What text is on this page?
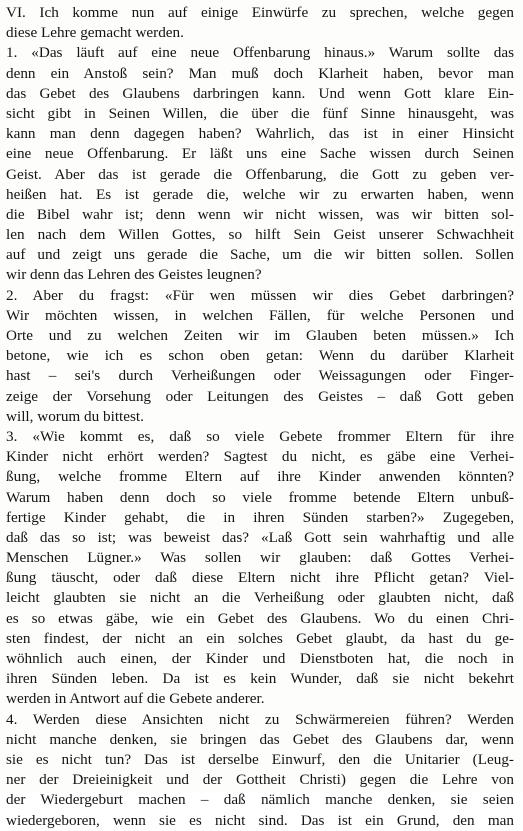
VI. Ich komme nun auf einige Einwürfe zu sprechen, welche gegen
diese Lehre gemacht werden.
1. «Das läuft auf eine neue Offenbarung hinaus.» Warum sollte das
denn ein Anstoß sein? Man muß doch Klarheit haben, bevor man
das Gebet des Glaubens darbringen kann. Und wenn Gott klare Ein-
sicht gibt in Seinen Willen, die über die fünf Sinne hinausgeht, was
kann man denn dagegen haben? Wahrlich, das ist in einer Hinsicht
eine neue Offenbarung. Er läßt uns eine Sache wissen durch Seinen
Geist. Aber das ist gerade die Offenbarung, die Gott zu geben ver-
heißen hat. Es ist gerade die, welche wir zu erwarten haben, wenn
die Bibel wahr ist; denn wenn wir nicht wissen, was wir bitten sol-
len nach dem Willen Gottes, so hilft Sein Geist unserer Schwachheit
auf und zeigt uns gerade die Sache, um die wir bitten sollen. Sollen
wir denn das Lehren des Geistes leugnen?
2. Aber du fragst: «Für wen müssen wir dies Gebet darbringen?
Wir möchten wissen, in welchen Fällen, für welche Personen und
Orte und zu welchen Zeiten wir im Glauben beten müssen.» Ich
betone, wie ich es schon oben getan: Wenn du darüber Klarheit
hast – sei's durch Verheißungen oder Weissagungen oder Finger-
zeige der Vorsehung oder Leitungen des Geistes – daß Gott geben
will, worum du bittest.
3. «Wie kommt es, daß so viele Gebete frommer Eltern für ihre
Kinder nicht erhört werden? Sagtest du nicht, es gäbe eine Verhei-
ßung, welche fromme Eltern auf ihre Kinder anwenden könnten?
Warum haben denn doch so viele fromme betende Eltern unbuß-
fertige Kinder gehabt, die in ihren Sünden starben?» Zugegeben,
daß das so ist; was beweist das? «Laß Gott sein wahrhaftig und alle
Menschen Lügner.» Was sollen wir glauben: daß Gottes Verhei-
ßung täuscht, oder daß diese Eltern nicht ihre Pflicht getan? Viel-
leicht glaubten sie nicht an die Verheißung oder glaubten nicht, daß
es so etwas gäbe, wie ein Gebet des Glaubens. Wo du einen Chri-
sten findest, der nicht an ein solches Gebet glaubt, da hast du ge-
wöhnlich auch einen, der Kinder und Dienstboten hat, die noch in
ihren Sünden leben. Da ist es kein Wunder, daß sie nicht bekehrt
werden in Antwort auf die Gebete anderer.
4. Werden diese Ansichten nicht zu Schwärmereien führen? Werden
nicht manche denken, sie bringen das Gebet des Glaubens dar, wenn
sie es nicht tun? Das ist derselbe Einwurf, den die Unitarier (Leug-
ner der Dreieinigkeit und der Gottheit Christi) gegen die Lehre von
der Wiedergeburt machen – daß nämlich manche denken, sie seien
wiedergeboren, wenn sie es nicht sind. Das ist ein Grund, den man
